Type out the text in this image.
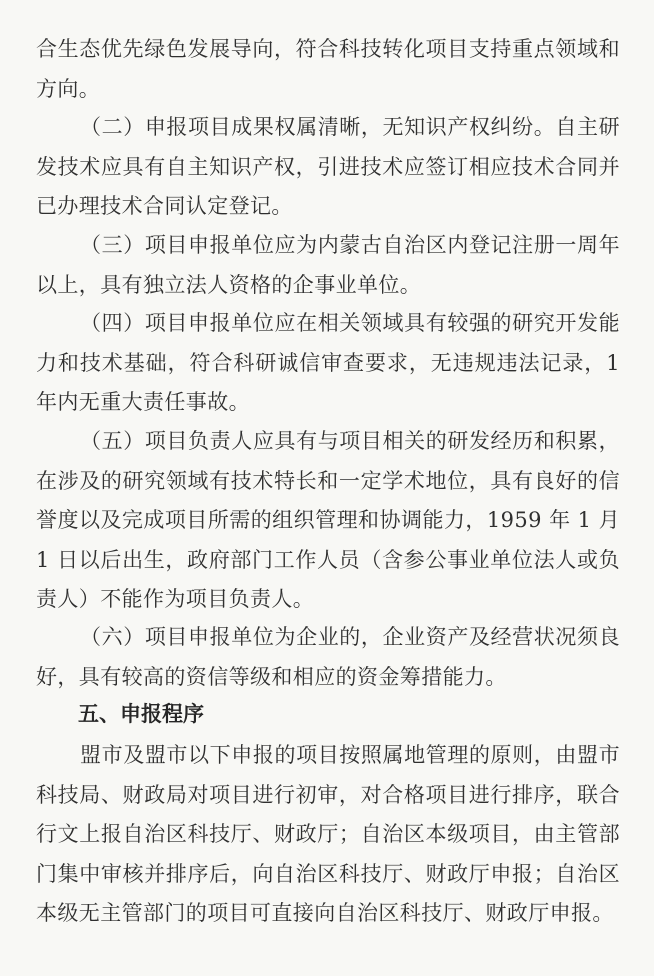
合生态优先绿色发展导向，符合科技转化项目支持重点领域和方向。

（二）申报项目成果权属清晰，无知识产权纠纷。自主研发技术应具有自主知识产权，引进技术应签订相应技术合同并已办理技术合同认定登记。

（三）项目申报单位应为内蒙古自治区内登记注册一周年以上，具有独立法人资格的企事业单位。

（四）项目申报单位应在相关领域具有较强的研究开发能力和技术基础，符合科研诚信审查要求，无违规违法记录，1 年内无重大责任事故。

（五）项目负责人应具有与项目相关的研发经历和积累，在涉及的研究领域有技术特长和一定学术地位，具有良好的信誉度以及完成项目所需的组织管理和协调能力，1959 年 1 月 1 日以后出生，政府部门工作人员（含参公事业单位法人或负责人）不能作为项目负责人。

（六）项目申报单位为企业的，企业资产及经营状况须良好，具有较高的资信等级和相应的资金筹措能力。

五、申报程序

盟市及盟市以下申报的项目按照属地管理的原则，由盟市科技局、财政局对项目进行初审，对合格项目进行排序，联合行文上报自治区科技厅、财政厅；自治区本级项目，由主管部门集中审核并排序后，向自治区科技厅、财政厅申报；自治区本级无主管部门的项目可直接向自治区科技厅、财政厅申报。
